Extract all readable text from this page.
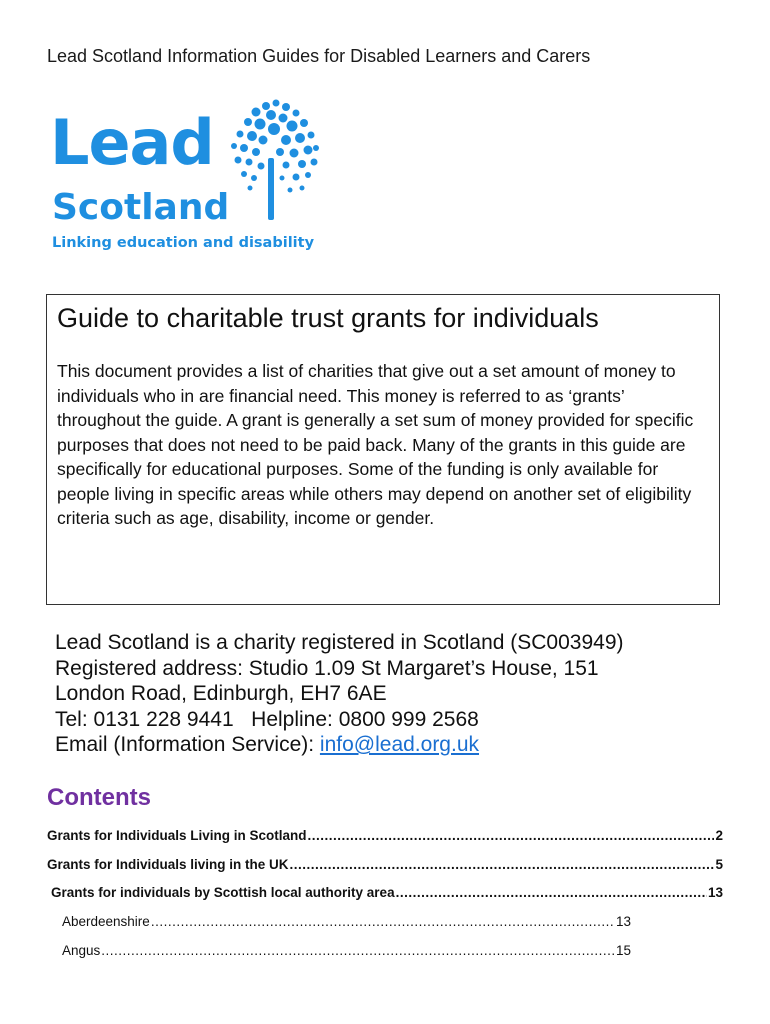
Lead Scotland Information Guides for Disabled Learners and Carers
Lead
Scotland
Linking education and disability
Guide to charitable trust grants for individuals

This document provides a list of charities that give out a set amount of money to individuals who in are financial need. This money is referred to as ‘grants’ throughout the guide. A grant is generally a set sum of money provided for specific purposes that does not need to be paid back. Many of the grants in this guide are specifically for educational purposes. Some of the funding is only available for people living in specific areas while others may depend on another set of eligibility criteria such as age, disability, income or gender.

Lead Scotland is a charity registered in Scotland (SC003949)
Registered address: Studio 1.09 St Margaret’s House, 151
London Road, Edinburgh, EH7 6AE
Tel: 0131 228 9441   Helpline: 0800 999 2568
Email (Information Service): info@lead.org.uk
Contents
Grants for Individuals Living in Scotland .....	2
Grants for Individuals living in the UK .....	5
Grants for individuals by Scottish local authority area .....	13
Aberdeenshire .....	13
Angus .....	15
